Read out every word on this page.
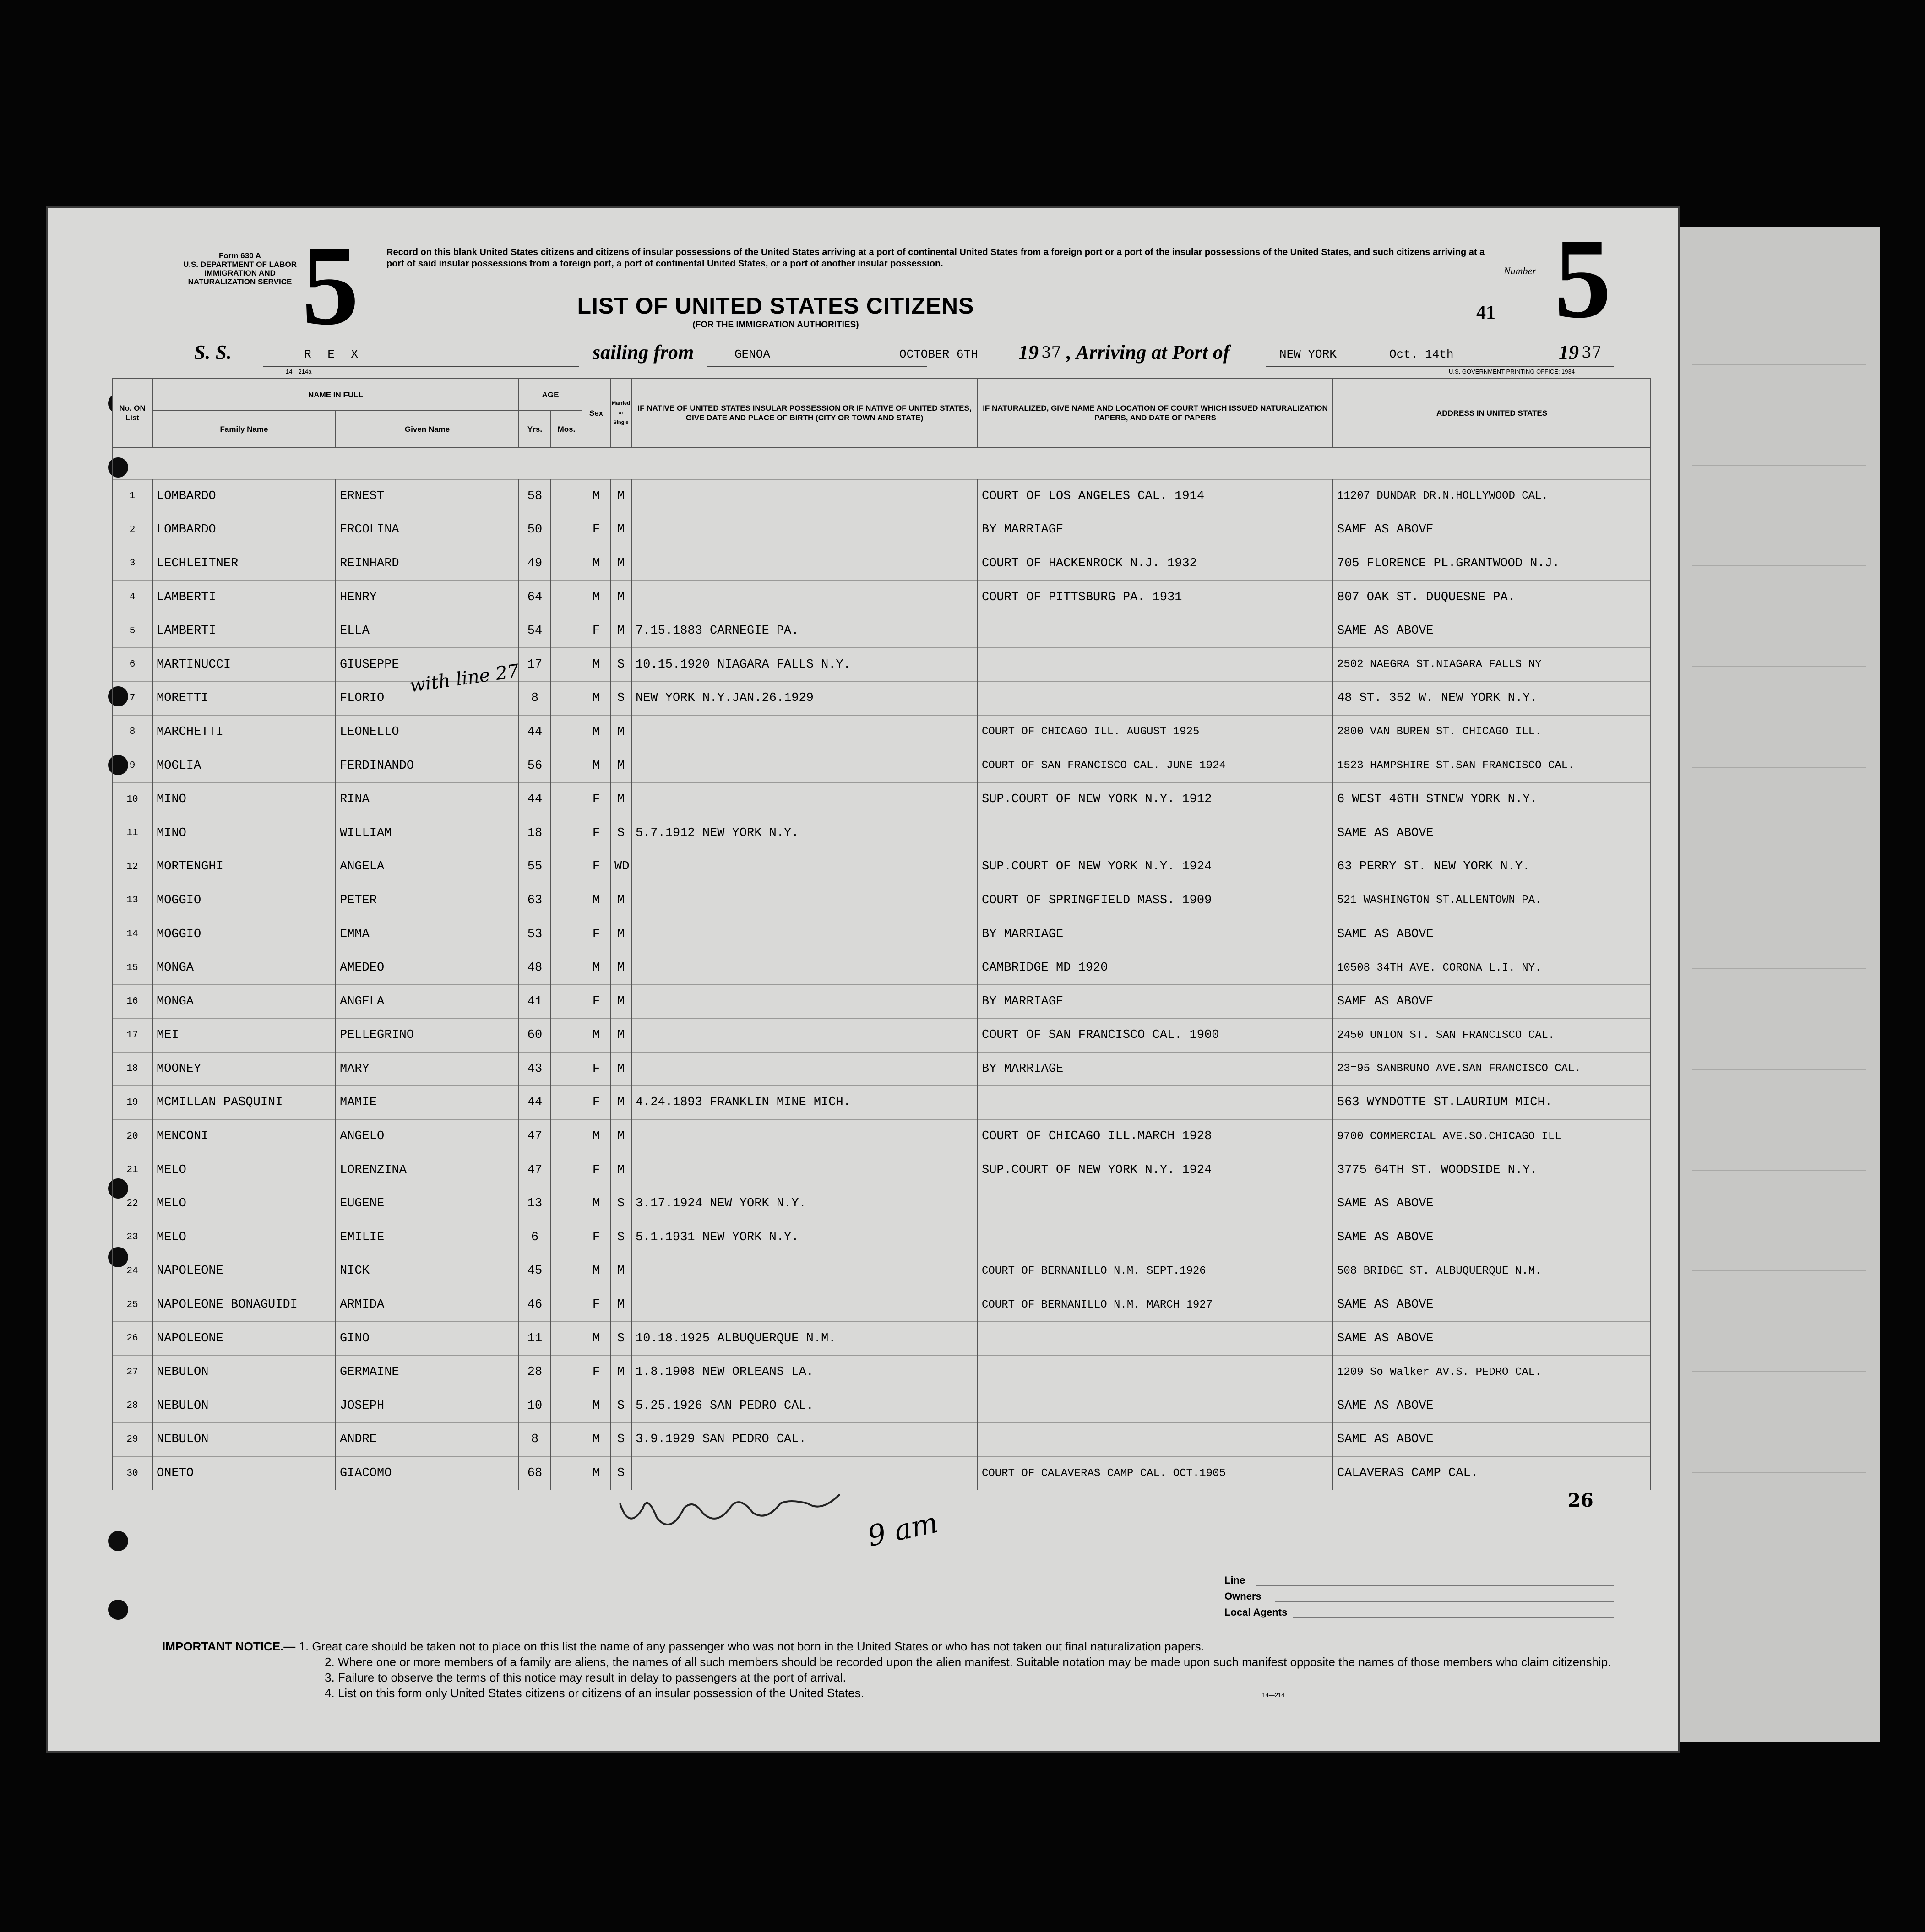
Form 630 A
U.S. DEPARTMENT OF LABOR
IMMIGRATION AND NATURALIZATION SERVICE 5	Record on this blank United States citizens and citizens of insular possessions of the United States arriving at a port of continental United States from a foreign port or a port of the insular possessions of the United States, and such citizens arriving at a port of said insular possessions from a foreign port, a port of continental United States, or a port of another insular possession.
LIST OF UNITED STATES CITIZENS
(FOR THE IMMIGRATION AUTHORITIES)
Number 5
41
S. S.	R E X	sailing from	GENOA	OCTOBER 6TH 19 37 , Arriving at Port of	NEW YORK	Oct. 14th	19 37
14—214a	U.S. GOVERNMENT PRINTING OFFICE: 1934
No. ON List	NAME IN FULL		AGE		Sex	Married or Single	IF NATIVE OF UNITED STATES INSULAR POSSESSION OR IF NATIVE OF UNITED STATES, GIVE DATE AND PLACE OF BIRTH (CITY OR TOWN AND STATE)	IF NATURALIZED, GIVE NAME AND LOCATION OF COURT WHICH ISSUED NATURALIZATION PAPERS, AND DATE OF PAPERS	ADDRESS IN UNITED STATES
	Family Name	Given Name	Yrs.	Mos.					

1	LOMBARDO	ERNEST	58		M	M		COURT OF LOS ANGELES CAL. 1914	11207 DUNDAR DR.N.HOLLYWOOD CAL.
2	LOMBARDO	ERCOLINA	50		F	M		BY MARRIAGE	SAME AS ABOVE
3	LECHLEITNER	REINHARD	49		M	M		COURT OF HACKENROCK N.J. 1932	705 FLORENCE PL.GRANTWOOD N.J.
4	LAMBERTI	HENRY	64		M	M		COURT OF PITTSBURG PA. 1931	807 OAK ST. DUQUESNE PA.
5	LAMBERTI	ELLA	54		F	M	7.15.1883 CARNEGIE PA.		SAME AS ABOVE
6	MARTINUCCI	GIUSEPPE	17		M	S	10.15.1920 NIAGARA FALLS N.Y.		2502 NAEGRA ST.NIAGARA FALLS NY
7	MORETTI	FLORIO	8		M	S	NEW YORK N.Y.JAN.26.1929		48 ST. 352 W. NEW YORK N.Y.
8	MARCHETTI	LEONELLO	44		M	M		COURT OF CHICAGO ILL. AUGUST 1925	2800 VAN BUREN ST. CHICAGO ILL.
9	MOGLIA	FERDINANDO	56		M	M		COURT OF SAN FRANCISCO CAL. JUNE 1924	1523 HAMPSHIRE ST.SAN FRANCISCO CAL.
10	MINO	RINA	44		F	M		SUP.COURT OF NEW YORK N.Y. 1912	6 WEST 46TH STNEW YORK N.Y.
11	MINO	WILLIAM	18		F	S	5.7.1912 NEW YORK N.Y.		SAME AS ABOVE
12	MORTENGHI	ANGELA	55		F	WD		SUP.COURT OF NEW YORK N.Y. 1924	63 PERRY ST. NEW YORK N.Y.
13	MOGGIO	PETER	63		M	M		COURT OF SPRINGFIELD MASS. 1909	521 WASHINGTON ST.ALLENTOWN PA.
14	MOGGIO	EMMA	53		F	M		BY MARRIAGE	SAME AS ABOVE
15	MONGA	AMEDEO	48		M	M		CAMBRIDGE MD 1920	10508 34TH AVE. CORONA L.I. NY.
16	MONGA	ANGELA	41		F	M		BY MARRIAGE	SAME AS ABOVE
17	MEI	PELLEGRINO	60		M	M		COURT OF SAN FRANCISCO CAL. 1900	2450 UNION ST. SAN FRANCISCO CAL.
18	MOONEY	MARY	43		F	M		BY MARRIAGE	23=95 SANBRUNO AVE.SAN FRANCISCO CAL.
19	MCMILLAN PASQUINI	MAMIE	44		F	M	4.24.1893 FRANKLIN MINE MICH.		563 WYNDOTTE ST.LAURIUM MICH.
20	MENCONI	ANGELO	47		M	M		COURT OF CHICAGO ILL.MARCH 1928	9700 COMMERCIAL AVE.SO.CHICAGO ILL
21	MELO	LORENZINA	47		F	M		SUP.COURT OF NEW YORK N.Y. 1924	3775 64TH ST. WOODSIDE N.Y.
22	MELO	EUGENE	13		M	S	3.17.1924 NEW YORK N.Y.		SAME AS ABOVE
23	MELO	EMILIE	6		F	S	5.1.1931 NEW YORK N.Y.		SAME AS ABOVE
24	NAPOLEONE	NICK	45		M	M		COURT OF BERNANILLO N.M. SEPT.1926	508 BRIDGE ST. ALBUQUERQUE N.M.
25	NAPOLEONE BONAGUIDI	ARMIDA	46		F	M		COURT OF BERNANILLO N.M. MARCH 1927	SAME AS ABOVE
26	NAPOLEONE	GINO	11		M	S	10.18.1925 ALBUQUERQUE N.M.		SAME AS ABOVE
27	NEBULON	GERMAINE	28		F	M	1.8.1908 NEW ORLEANS LA.		1209 So Walker AV.S. PEDRO CAL.
28	NEBULON	JOSEPH	10		M	S	5.25.1926 SAN PEDRO CAL.		SAME AS ABOVE
29	NEBULON	ANDRE	8		M	S	3.9.1929 SAN PEDRO CAL.		SAME AS ABOVE
30	ONETO	GIACOMO	68		M	S		COURT OF CALAVERAS CAMP CAL. OCT.1905	CALAVERAS CAMP CAL.
with line 27
26
9 am
Line
Owners
Local Agents
IMPORTANT NOTICE.— 1. Great care should be taken not to place on this list the name of any passenger who was not born in the United States or who has not taken out final naturalization papers.

2. Where one or more members of a family are aliens, the names of all such members should be recorded upon the alien manifest. Suitable notation may be made upon such manifest opposite the names of those members who claim citizenship.
3. Failure to observe the terms of this notice may result in delay to passengers at the port of arrival.
4. List on this form only United States citizens or citizens of an insular possession of the United States.	14—214
